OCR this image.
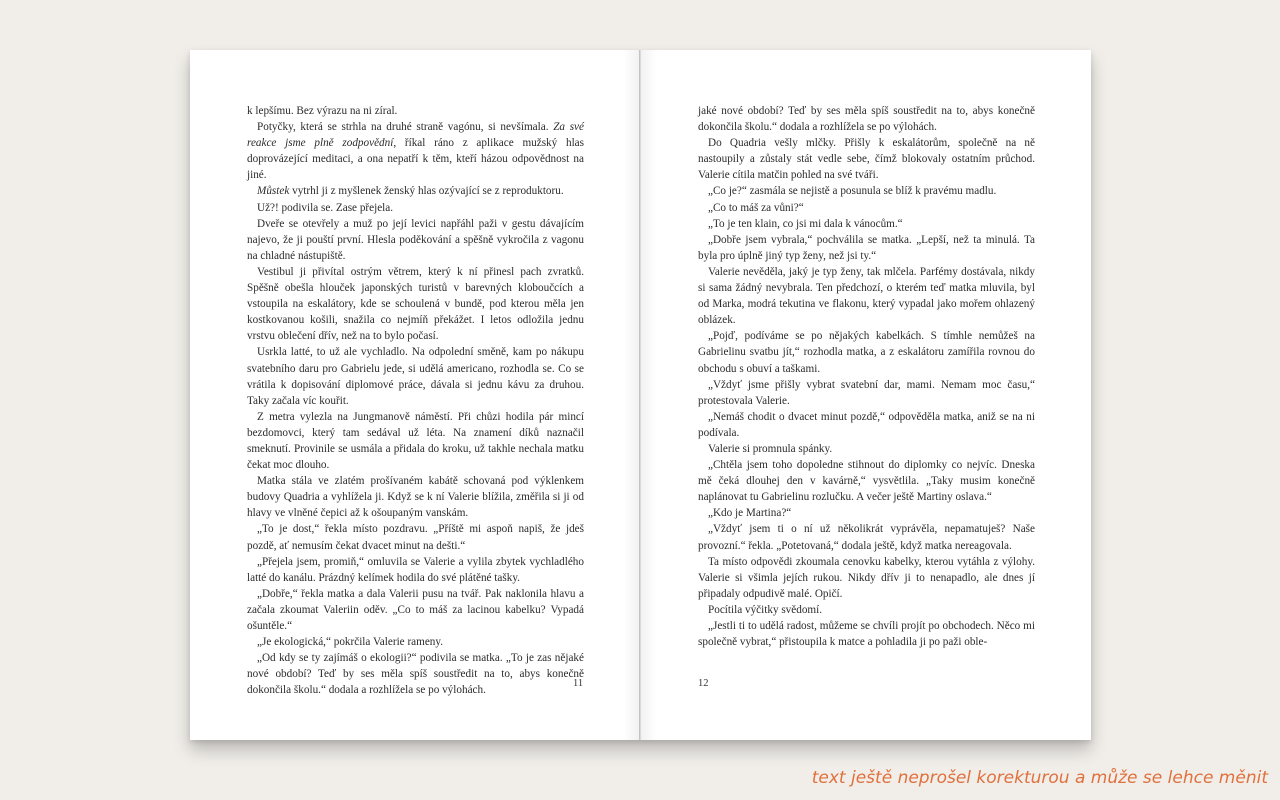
k lepšímu. Bez výrazu na ni zíral.

Potyčky, která se strhla na druhé straně vagónu, si nevšímala. Za své reakce jsme plně zodpovědní, říkal ráno z aplikace mužský hlas doprovázející meditaci, a ona nepatří k těm, kteří házou odpovědnost na jiné.

Můstek vytrhl ji z myšlenek ženský hlas ozývající se z reproduktoru.

Už?! podivila se. Zase přejela.

Dveře se otevřely a muž po její levici napřáhl paži v gestu dávajícím najevo, že ji pouští první. Hlesla poděkování a spěšně vykročila z vagonu na chladné nástupiště.

Vestibul ji přivítal ostrým větrem, který k ní přinesl pach zvratků. Spěšně obešla hlouček japonských turistů v barevných kloboučcích a vstoupila na eskalátory, kde se schoulená v bundě, pod kterou měla jen kostkovanou košili, snažila co nejmíň překážet. I letos odložila jednu vrstvu oblečení dřív, než na to bylo počasí.

Usrkla latté, to už ale vychladlo. Na odpolední směně, kam po nákupu svatebního daru pro Gabrielu jede, si udělá americano, rozhodla se. Co se vrátila k dopisování diplomové práce, dávala si jednu kávu za druhou. Taky začala víc kouřit.

Z metra vylezla na Jungmanově náměstí. Při chůzi hodila pár mincí bezdomovci, který tam sedával už léta. Na znamení díků naznačil smeknutí. Provinile se usmála a přidala do kroku, už takhle nechala matku čekat moc dlouho.

Matka stála ve zlatém prošívaném kabátě schovaná pod výklenkem budovy Quadria a vyhlížela ji. Když se k ní Valerie blížila, změřila si ji od hlavy ve vlněné čepici až k ošoupaným vanskám.

„To je dost,“ řekla místo pozdravu. „Příště mi aspoň napiš, že jdeš pozdě, ať nemusím čekat dvacet minut na dešti.“

„Přejela jsem, promiň,“ omluvila se Valerie a vylila zbytek vychladlého latté do kanálu. Prázdný kelímek hodila do své plátěné tašky.

„Dobře,“ řekla matka a dala Valerii pusu na tvář. Pak naklonila hlavu a začala zkoumat Valeriin oděv. „Co to máš za lacinou kabelku? Vypadá ošuntěle.“

„Je ekologická,“ pokrčila Valerie rameny.

„Od kdy se ty zajímáš o ekologii?“ podivila se matka. „To je zas nějaké nové období? Teď by ses měla spíš soustředit na to, abys konečně dokončila školu.“ dodala a rozhlížela se po výlohách.

11

jaké nové období? Teď by ses měla spíš soustředit na to, abys konečně dokončila školu.“ dodala a rozhlížela se po výlohách.

Do Quadria vešly mlčky. Přišly k eskalátorům, společně na ně nastoupily a zůstaly stát vedle sebe, čímž blokovaly ostatním průchod. Valerie cítila matčin pohled na své tváři.

„Co je?“ zasmála se nejistě a posunula se blíž k pravému madlu.

„Co to máš za vůni?“

„To je ten klain, co jsi mi dala k vánocům.“

„Dobře jsem vybrala,“ pochválila se matka. „Lepší, než ta minulá. Ta byla pro úplně jiný typ ženy, než jsi ty.“

Valerie nevěděla, jaký je typ ženy, tak mlčela. Parfémy dostávala, nikdy si sama žádný nevybrala. Ten předchozí, o kterém teď matka mluvila, byl od Marka, modrá tekutina ve flakonu, který vypadal jako mořem ohlazený oblázek.

„Pojď, podíváme se po nějakých kabelkách. S tímhle nemůžeš na Gabrielinu svatbu jít,“ rozhodla matka, a z eskalátoru zamířila rovnou do obchodu s obuví a taškami.

„Vždyť jsme přišly vybrat svatební dar, mami. Nemam moc času,“ protestovala Valerie.

„Nemáš chodit o dvacet minut pozdě,“ odpověděla matka, aniž se na ni podívala.

Valerie si promnula spánky.

„Chtěla jsem toho dopoledne stihnout do diplomky co nejvíc. Dneska mě čeká dlouhej den v kavárně,“ vysvětlila. „Taky musim konečně naplánovat tu Gabrielinu rozlučku. A večer ještě Martiny oslava.“

„Kdo je Martina?“

„Vždyť jsem ti o ní už několikrát vyprávěla, nepamatuješ? Naše provozní.“ řekla. „Potetovaná,“ dodala ještě, když matka nereagovala.

Ta místo odpovědi zkoumala cenovku kabelky, kterou vytáhla z výlohy. Valerie si všimla jejích rukou. Nikdy dřív ji to nenapadlo, ale dnes jí připadaly odpudivě malé. Opičí.

Pocítila výčitky svědomí.

„Jestli ti to udělá radost, můžeme se chvíli projít po obchodech. Něco mi společně vybrat,“ přistoupila k matce a pohladila ji po paži oble-

12
text ještě neprošel korekturou a může se lehce měnit
